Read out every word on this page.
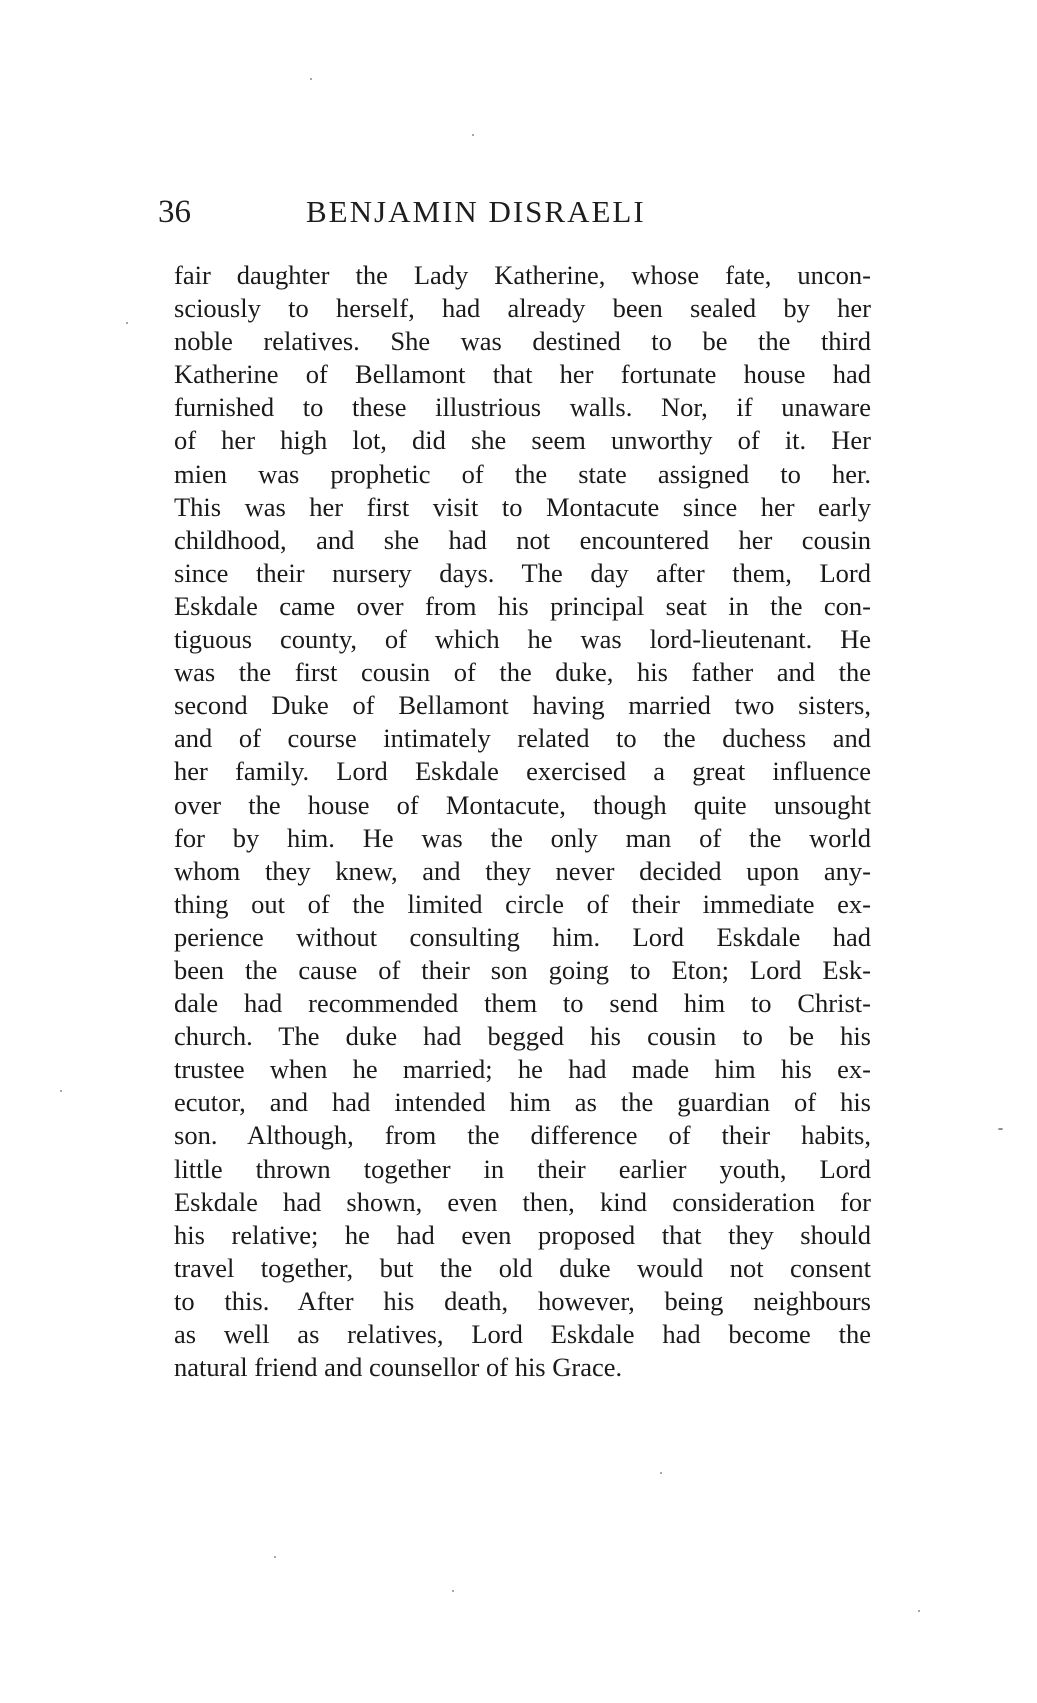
36	BENJAMIN DISRAELI
fair daughter the Lady Katherine, whose fate, uncon-
sciously to herself, had already been sealed by her
noble relatives. She was destined to be the third
Katherine of Bellamont that her fortunate house had
furnished to these illustrious walls. Nor, if unaware
of her high lot, did she seem unworthy of it. Her
mien was prophetic of the state assigned to her.
This was her first visit to Montacute since her early
childhood, and she had not encountered her cousin
since their nursery days. The day after them, Lord
Eskdale came over from his principal seat in the con-
tiguous county, of which he was lord-lieutenant. He
was the first cousin of the duke, his father and the
second Duke of Bellamont having married two sisters,
and of course intimately related to the duchess and
her family. Lord Eskdale exercised a great influence
over the house of Montacute, though quite unsought
for by him. He was the only man of the world
whom they knew, and they never decided upon any-
thing out of the limited circle of their immediate ex-
perience without consulting him. Lord Eskdale had
been the cause of their son going to Eton; Lord Esk-
dale had recommended them to send him to Christ-
church. The duke had begged his cousin to be his
trustee when he married; he had made him his ex-
ecutor, and had intended him as the guardian of his
son. Although, from the difference of their habits,
little thrown together in their earlier youth, Lord
Eskdale had shown, even then, kind consideration for
his relative; he had even proposed that they should
travel together, but the old duke would not consent
to this. After his death, however, being neighbours
as well as relatives, Lord Eskdale had become the
natural friend and counsellor of his Grace.
